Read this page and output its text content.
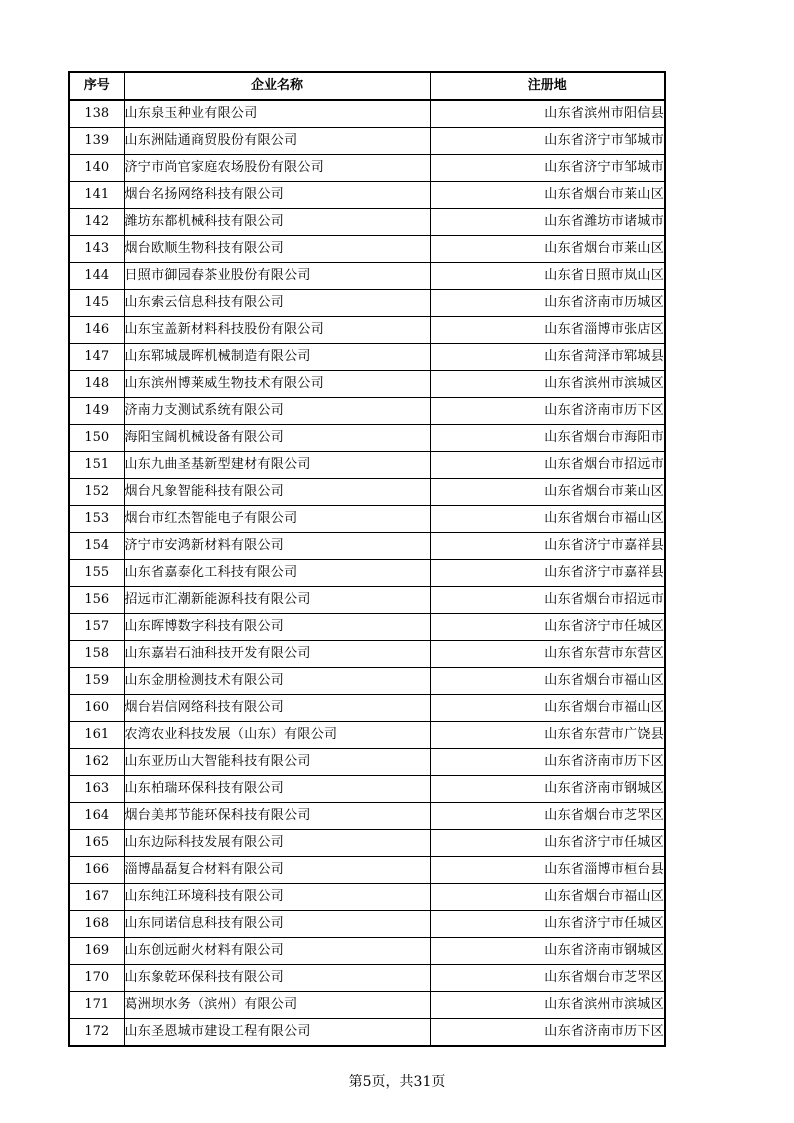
序号	企业名称	注册地
138	山东泉玉种业有限公司	山东省滨州市阳信县
139	山东洲陆通商贸股份有限公司	山东省济宁市邹城市
140	济宁市尚官家庭农场股份有限公司	山东省济宁市邹城市
141	烟台名扬网络科技有限公司	山东省烟台市莱山区
142	潍坊东都机械科技有限公司	山东省潍坊市诸城市
143	烟台欧顺生物科技有限公司	山东省烟台市莱山区
144	日照市御园春茶业股份有限公司	山东省日照市岚山区
145	山东索云信息科技有限公司	山东省济南市历城区
146	山东宝盖新材料科技股份有限公司	山东省淄博市张店区
147	山东郓城晟晖机械制造有限公司	山东省菏泽市郓城县
148	山东滨州博莱威生物技术有限公司	山东省滨州市滨城区
149	济南力支测试系统有限公司	山东省济南市历下区
150	海阳宝阔机械设备有限公司	山东省烟台市海阳市
151	山东九曲圣基新型建材有限公司	山东省烟台市招远市
152	烟台凡象智能科技有限公司	山东省烟台市莱山区
153	烟台市红杰智能电子有限公司	山东省烟台市福山区
154	济宁市安鸿新材料有限公司	山东省济宁市嘉祥县
155	山东省嘉泰化工科技有限公司	山东省济宁市嘉祥县
156	招远市汇潮新能源科技有限公司	山东省烟台市招远市
157	山东晖博数字科技有限公司	山东省济宁市任城区
158	山东嘉岩石油科技开发有限公司	山东省东营市东营区
159	山东金朋检测技术有限公司	山东省烟台市福山区
160	烟台岩信网络科技有限公司	山东省烟台市福山区
161	农湾农业科技发展（山东）有限公司	山东省东营市广饶县
162	山东亚历山大智能科技有限公司	山东省济南市历下区
163	山东柏瑞环保科技有限公司	山东省济南市钢城区
164	烟台美邦节能环保科技有限公司	山东省烟台市芝罘区
165	山东边际科技发展有限公司	山东省济宁市任城区
166	淄博晶磊复合材料有限公司	山东省淄博市桓台县
167	山东纯江环境科技有限公司	山东省烟台市福山区
168	山东同诺信息科技有限公司	山东省济宁市任城区
169	山东创远耐火材料有限公司	山东省济南市钢城区
170	山东象乾环保科技有限公司	山东省烟台市芝罘区
171	葛洲坝水务（滨州）有限公司	山东省滨州市滨城区
172	山东圣恩城市建设工程有限公司	山东省济南市历下区
第5页，共31页
